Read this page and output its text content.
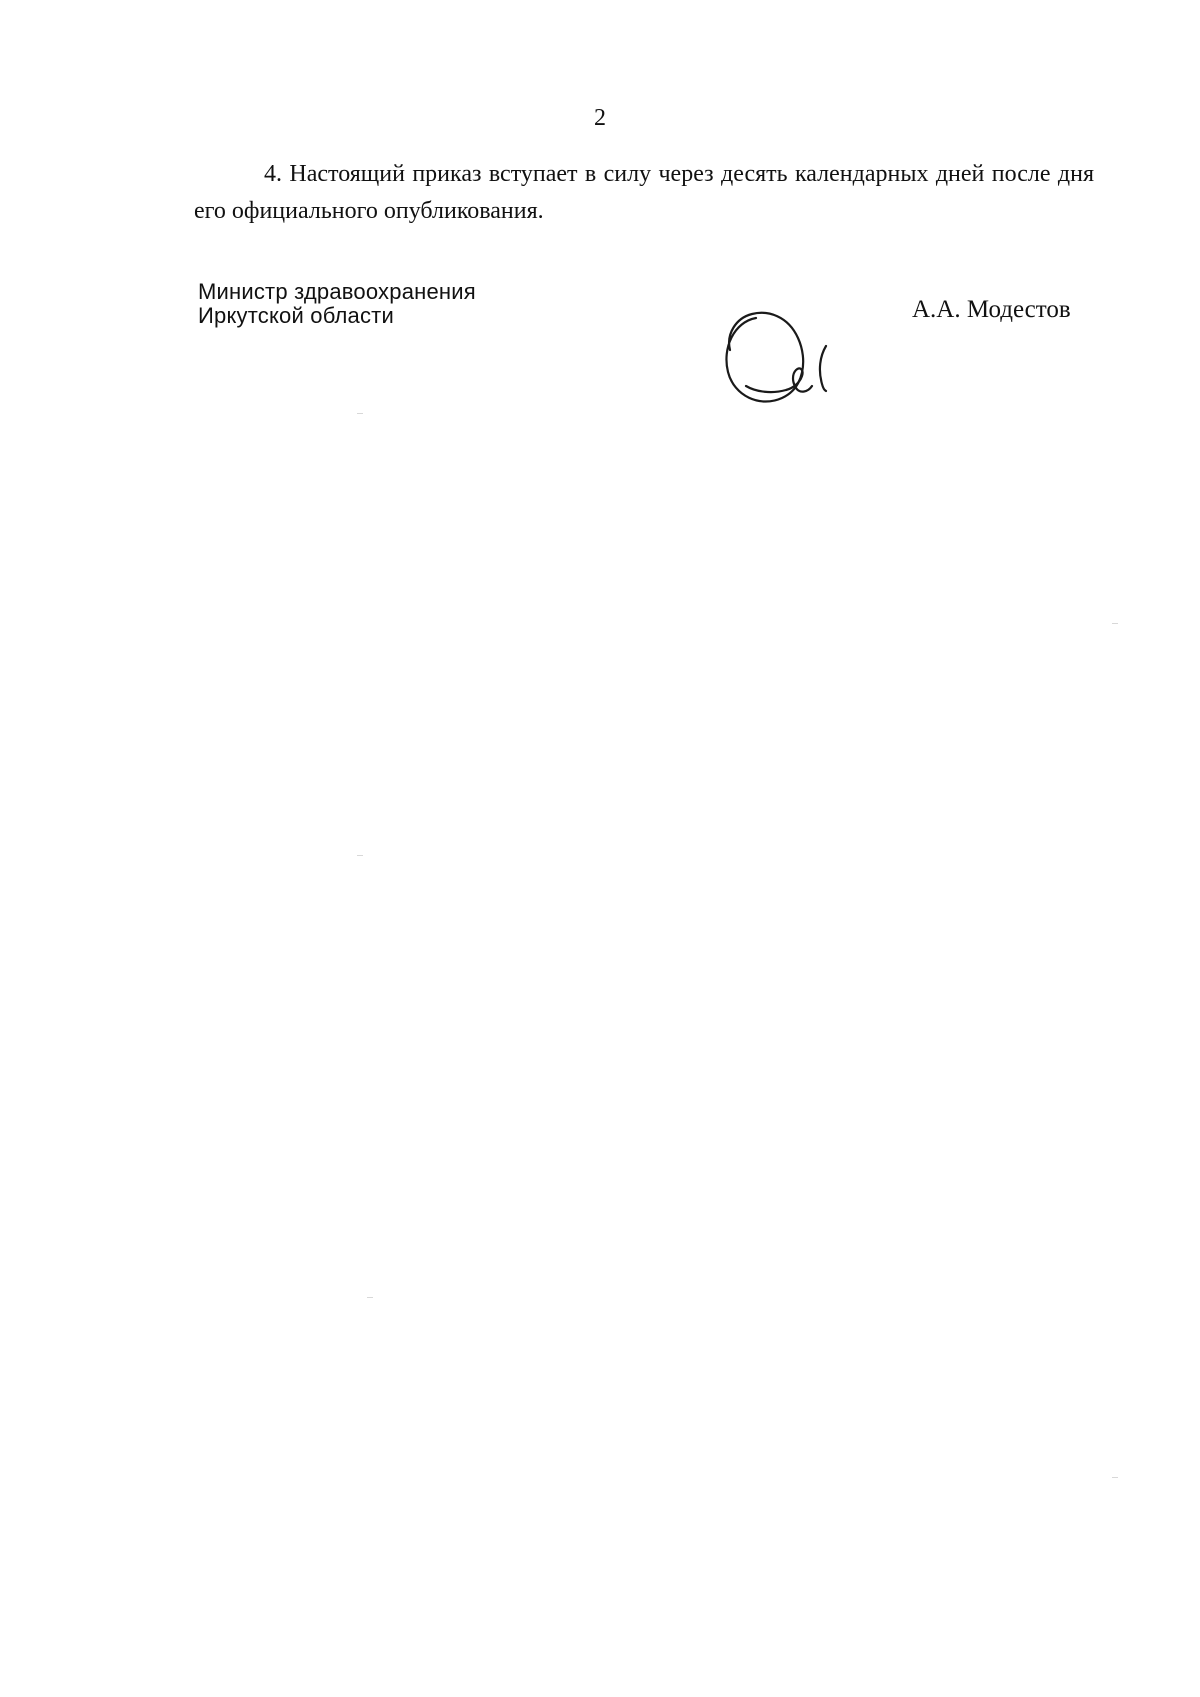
2

4. Настоящий приказ вступает в силу через десять календарных дней после дня его официального опубликования.

Министр здравоохранения
Иркутской области	А.А. Модестов
